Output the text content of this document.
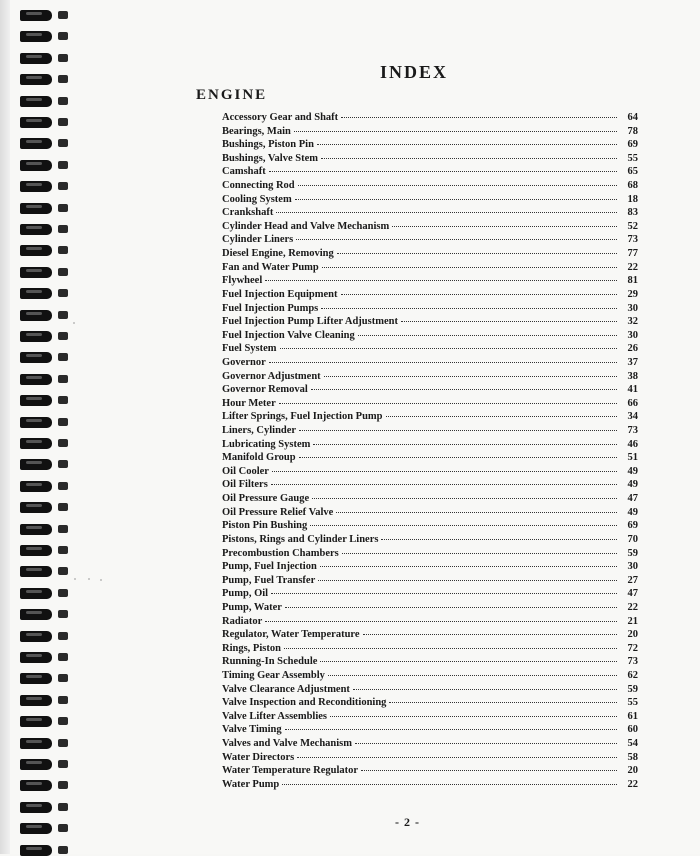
INDEX
ENGINE
Accessory Gear and Shaft	64
Bearings, Main	78
Bushings, Piston Pin	69
Bushings, Valve Stem	55
Camshaft	65
Connecting Rod	68
Cooling System	18
Crankshaft	83
Cylinder Head and Valve Mechanism	52
Cylinder Liners	73
Diesel Engine, Removing	77
Fan and Water Pump	22
Flywheel	81
Fuel Injection Equipment	29
Fuel Injection Pumps	30
Fuel Injection Pump Lifter Adjustment	32
Fuel Injection Valve Cleaning	30
Fuel System	26
Governor	37
Governor Adjustment	38
Governor Removal	41
Hour Meter	66
Lifter Springs, Fuel Injection Pump	34
Liners, Cylinder	73
Lubricating System	46
Manifold Group	51
Oil Cooler	49
Oil Filters	49
Oil Pressure Gauge	47
Oil Pressure Relief Valve	49
Piston Pin Bushing	69
Pistons, Rings and Cylinder Liners	70
Precombustion Chambers	59
Pump, Fuel Injection	30
Pump, Fuel Transfer	27
Pump, Oil	47
Pump, Water	22
Radiator	21
Regulator, Water Temperature	20
Rings, Piston	72
Running-In Schedule	73
Timing Gear Assembly	62
Valve Clearance Adjustment	59
Valve Inspection and Reconditioning	55
Valve Lifter Assemblies	61
Valve Timing	60
Valves and Valve Mechanism	54
Water Directors	58
Water Temperature Regulator	20
Water Pump	22
- 2 -
